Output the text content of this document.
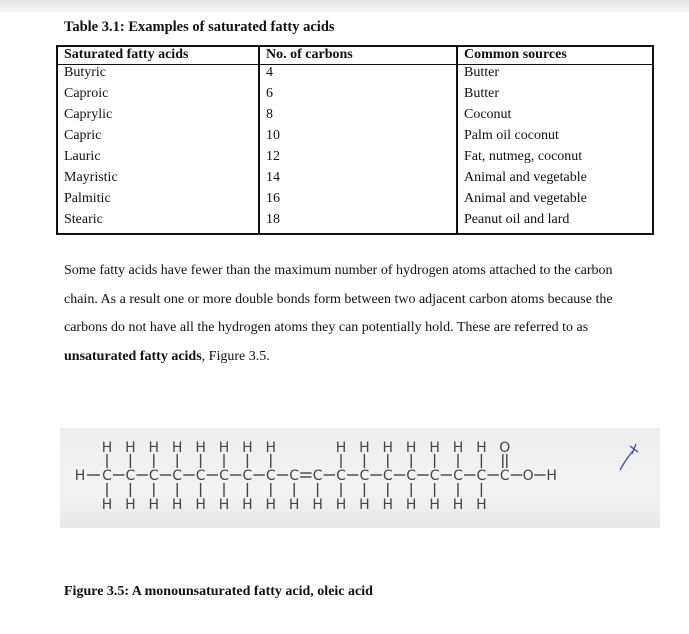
Table 3.1: Examples of saturated fatty acids
Saturated fatty acids	No. of carbons	Common sources
Butyric	4	Butter
Caproic	6	Butter
Caprylic	8	Coconut
Capric	10	Palm oil coconut
Lauric	12	Fat, nutmeg, coconut
Mayristic	14	Animal and vegetable
Palmitic	16	Animal and vegetable
Stearic	18	Peanut oil and lard

Some fatty acids have fewer than the maximum number of hydrogen atoms attached to the carbon chain. As a result one or more double bonds form between two adjacent carbon atoms because the carbons do not have all the hydrogen atoms they can potentially hold. These are referred to as unsaturated fatty acids, Figure 3.5.
H C
H
H
C
H
H
C
H
H
C
H
H
C
H
H
C
H
H
C
H
H
C
H
H
C
H
C
H
C
H
H
C
H
H
C
H
H
C
H
H
C
H
H
C
H
H
C
H
H
C
O
O H
Figure 3.5: A monounsaturated fatty acid, oleic acid
